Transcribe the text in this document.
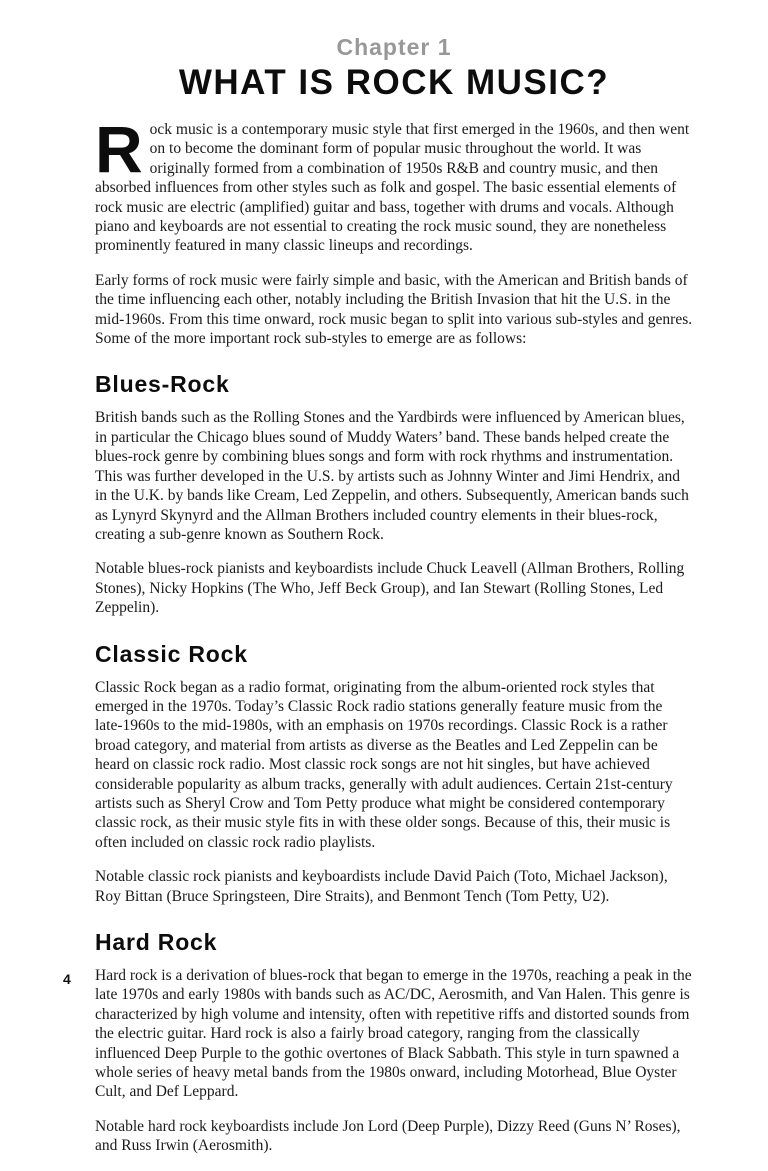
Chapter 1
WHAT IS ROCK MUSIC?

Rock music is a contemporary music style that first emerged in the 1960s, and then went on to become the dominant form of popular music throughout the world. It was originally formed from a combination of 1950s R&B and country music, and then absorbed influences from other styles such as folk and gospel. The basic essential elements of rock music are electric (amplified) guitar and bass, together with drums and vocals. Although piano and keyboards are not essential to creating the rock music sound, they are nonetheless prominently featured in many classic lineups and recordings.

Early forms of rock music were fairly simple and basic, with the American and British bands of the time influencing each other, notably including the British Invasion that hit the U.S. in the mid-1960s. From this time onward, rock music began to split into various sub-styles and genres. Some of the more important rock sub-styles to emerge are as follows:

Blues-Rock

British bands such as the Rolling Stones and the Yardbirds were influenced by American blues, in particular the Chicago blues sound of Muddy Waters’ band. These bands helped create the blues-rock genre by combining blues songs and form with rock rhythms and instrumentation. This was further developed in the U.S. by artists such as Johnny Winter and Jimi Hendrix, and in the U.K. by bands like Cream, Led Zeppelin, and others. Subsequently, American bands such as Lynyrd Skynyrd and the Allman Brothers included country elements in their blues-rock, creating a sub-genre known as Southern Rock.

Notable blues-rock pianists and keyboardists include Chuck Leavell (Allman Brothers, Rolling Stones), Nicky Hopkins (The Who, Jeff Beck Group), and Ian Stewart (Rolling Stones, Led Zeppelin).

Classic Rock

Classic Rock began as a radio format, originating from the album-oriented rock styles that emerged in the 1970s. Today’s Classic Rock radio stations generally feature music from the late-1960s to the mid-1980s, with an emphasis on 1970s recordings. Classic Rock is a rather broad category, and material from artists as diverse as the Beatles and Led Zeppelin can be heard on classic rock radio. Most classic rock songs are not hit singles, but have achieved considerable popularity as album tracks, generally with adult audiences. Certain 21st-century artists such as Sheryl Crow and Tom Petty produce what might be considered contemporary classic rock, as their music style fits in with these older songs. Because of this, their music is often included on classic rock radio playlists.

Notable classic rock pianists and keyboardists include David Paich (Toto, Michael Jackson), Roy Bittan (Bruce Springsteen, Dire Straits), and Benmont Tench (Tom Petty, U2).

Hard Rock

Hard rock is a derivation of blues-rock that began to emerge in the 1970s, reaching a peak in the late 1970s and early 1980s with bands such as AC/DC, Aerosmith, and Van Halen. This genre is characterized by high volume and intensity, often with repetitive riffs and distorted sounds from the electric guitar. Hard rock is also a fairly broad category, ranging from the classically influenced Deep Purple to the gothic overtones of Black Sabbath. This style in turn spawned a whole series of heavy metal bands from the 1980s onward, including Motorhead, Blue Oyster Cult, and Def Leppard.

Notable hard rock keyboardists include Jon Lord (Deep Purple), Dizzy Reed (Guns N’ Roses), and Russ Irwin (Aerosmith).

4
